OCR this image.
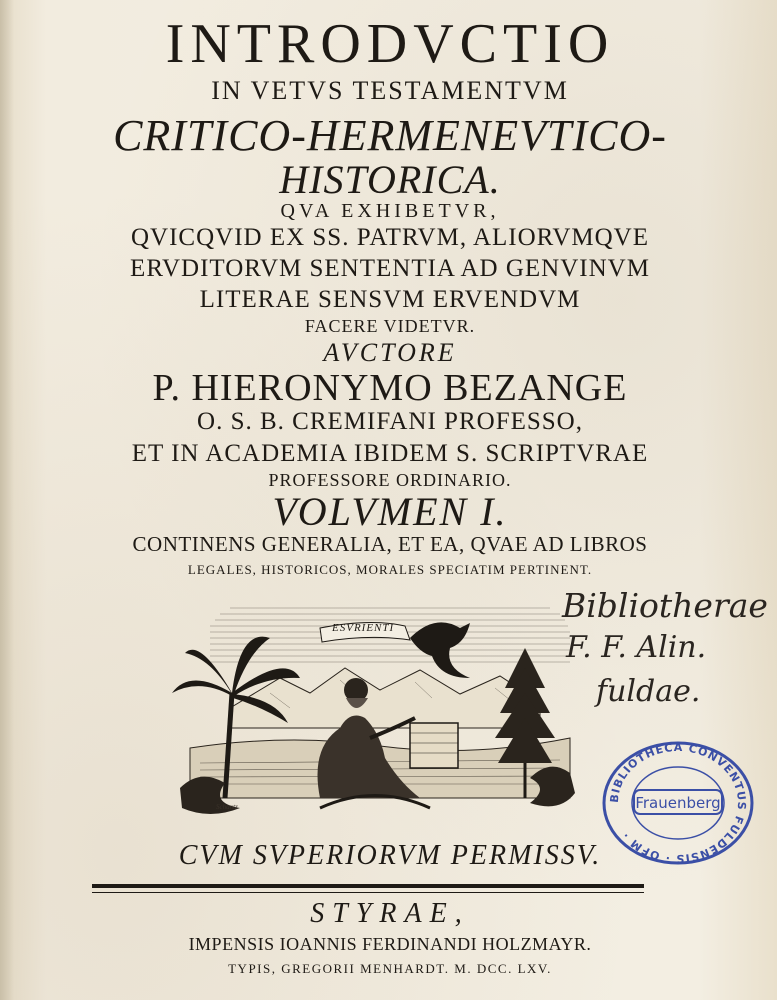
INTRODVCTIO

IN VETVS TESTAMENTVM

CRITICO-HERMENEVTICO-

HISTORICA.

QVA EXHIBETVR,

QVICQVID EX SS. PATRVM, ALIORVMQVE

ERVDITORVM SENTENTIA AD GENVINVM

LITERAE SENSVM ERVENDVM

FACERE VIDETVR.

AVCTORE

P. HIERONYMO BEZANGE

O. S. B. CREMIFANI PROFESSO,

ET IN ACADEMIA IBIDEM S. SCRIPTVRAE

PROFESSORE ORDINARIO.

VOLVMEN I.

CONTINENS GENERALIA, ET EA, QVAE AD LIBROS

LEGALES, HISTORICOS, MORALES SPECIATIM PERTINENT.

ESVRIENTI
Schantz

CVM SVPERIORVM PERMISSV.

STYRAE,

IMPENSIS IOANNIS FERDINANDI HOLZMAYR.

TYPIS, GREGORII MENHARDT. M. DCC. LXV.

Bibliotherae
F. F. Alin.
fuldae.
BIBLIOTHECA CONVENTUS FULDENSIS · OFM ·
Frauenberg
